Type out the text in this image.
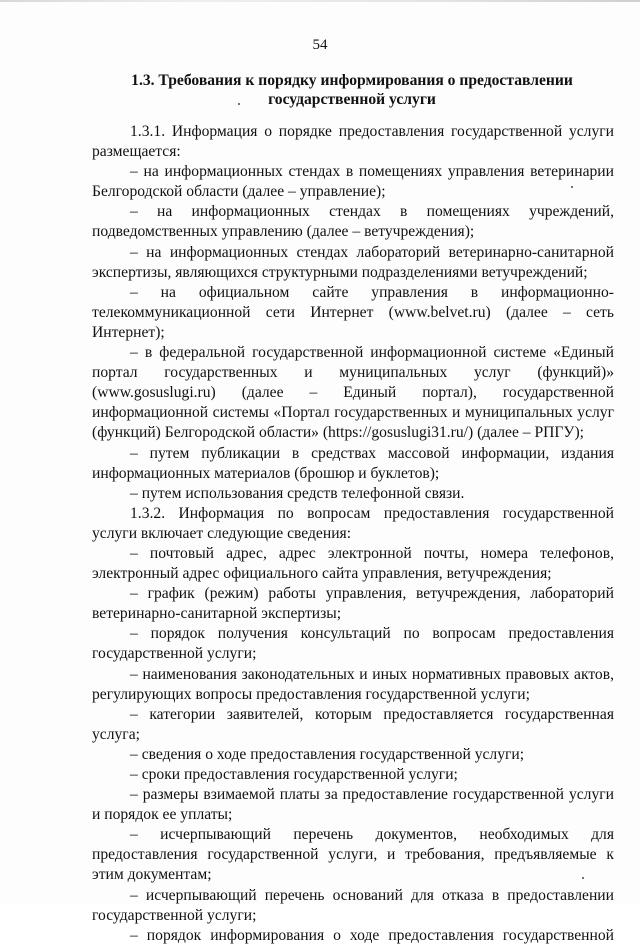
54
1.3. Требования к порядку информирования о предоставлении
государственной услуги

1.3.1. Информация о порядке предоставления государственной услуги размещается:

– на информационных стендах в помещениях управления ветеринарии Белгородской области (далее – управление);

– на информационных стендах в помещениях учреждений, подведомственных управлению (далее – ветучреждения);

– на информационных стендах лабораторий ветеринарно-санитарной экспертизы, являющихся структурными подразделениями ветучреждений;

– на официальном сайте управления в информационно-телекоммуникационной сети Интернет (www.belvet.ru) (далее – сеть Интернет);

– в федеральной государственной информационной системе «Единый портал государственных и муниципальных услуг (функций)» (www.gosuslugi.ru) (далее – Единый портал), государственной информационной системы «Портал государственных и муниципальных услуг (функций) Белгородской области» (https://gosuslugi31.ru/) (далее – РПГУ);

– путем публикации в средствах массовой информации, издания информационных материалов (брошюр и буклетов);

– путем использования средств телефонной связи.

1.3.2. Информация по вопросам предоставления государственной услуги включает следующие сведения:

– почтовый адрес, адрес электронной почты, номера телефонов, электронный адрес официального сайта управления, ветучреждения;

– график (режим) работы управления, ветучреждения, лабораторий ветеринарно-санитарной экспертизы;

– порядок получения консультаций по вопросам предоставления государственной услуги;

– наименования законодательных и иных нормативных правовых актов, регулирующих вопросы предоставления государственной услуги;

– категории заявителей, которым предоставляется государственная услуга;

– сведения о ходе предоставления государственной услуги;

– сроки предоставления государственной услуги;

– размеры взимаемой платы за предоставление государственной услуги и порядок ее уплаты;

– исчерпывающий перечень документов, необходимых для предоставления государственной услуги, и требования, предъявляемые к этим документам;

– исчерпывающий перечень оснований для отказа в предоставлении государственной услуги;

– порядок информирования о ходе предоставления государственной
